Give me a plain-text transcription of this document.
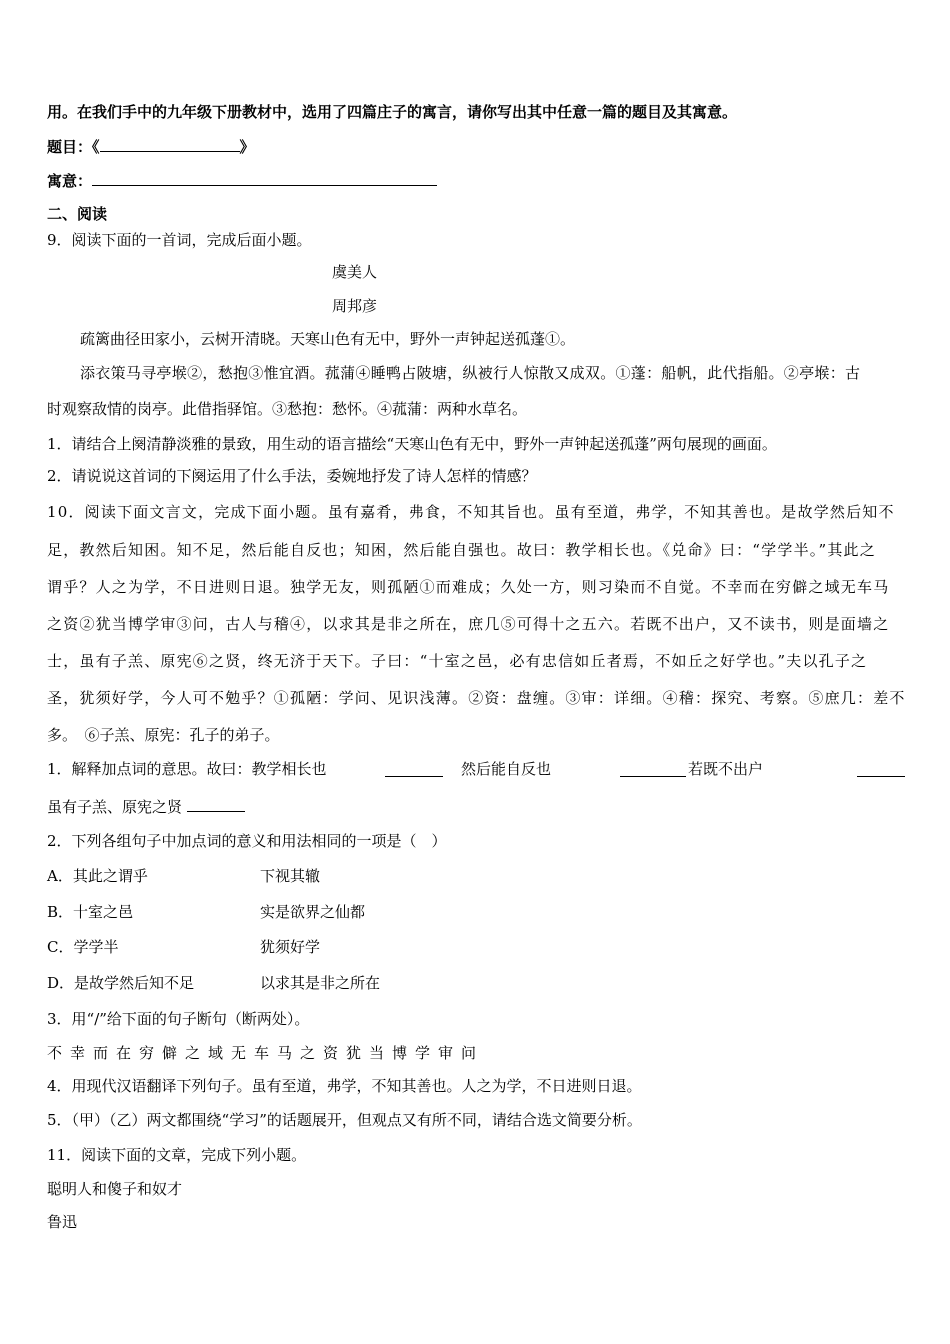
用。在我们手中的九年级下册教材中，选用了四篇庄子的寓言，请你写出其中任意一篇的题目及其寓意。
题目：《	》
寓意：
二、阅读
9．阅读下面的一首词，完成后面小题。
虞美人
周邦彦
疏篱曲径田家小，云树开清晓。天寒山色有无中，野外一声钟起送孤蓬①。
添衣策马寻亭堠②，愁抱③惟宜酒。菰蒲④睡鸭占陂塘，纵被行人惊散又成双。①蓬：船帆，此代指船。②亭堠：古
时观察敌情的岗亭。此借指驿馆。③愁抱：愁怀。④菰蒲：两种水草名。
1．请结合上阕清静淡雅的景致，用生动的语言描绘“天寒山色有无中，野外一声钟起送孤蓬”两句展现的画面。
2．请说说这首词的下阕运用了什么手法，委婉地抒发了诗人怎样的情感？
10．阅读下面文言文，完成下面小题。虽有嘉肴，弗食，不知其旨也。虽有至道，弗学，不知其善也。是故学然后知不
足，教然后知困。知不足，然后能自反也；知困，然后能自强也。故曰：教学相长也。《兑命》曰：“学学半。”其此之
谓乎？人之为学，不日进则日退。独学无友，则孤陋①而难成；久处一方，则习染而不自觉。不幸而在穷僻之域无车马
之资②犹当博学审③问，古人与稽④，以求其是非之所在，庶几⑤可得十之五六。若既不出户，又不读书，则是面墙之
士，虽有子羔、原宪⑥之贤，终无济于天下。子曰：“十室之邑，必有忠信如丘者焉，不如丘之好学也。”夫以孔子之
圣，犹须好学，今人可不勉乎？①孤陋：学问、见识浅薄。②资：盘缠。③审：详细。④稽：探究、考察。⑤庶几：差不
多。　⑥子羔、原宪：孔子的弟子。
1．解释加点词的意思。故曰：教学相长也	然后能自反也	若既不出户
虽有子羔、原宪之贤
2．下列各组句子中加点词的意义和用法相同的一项是（　）
A．其此之谓乎	下视其辙
B．十室之邑	实是欲界之仙都
C．学学半	犹须好学
D．是故学然后知不足	以求其是非之所在
3．用“/”给下面的句子断句（断两处）。
不幸而在穷僻之域无车马之资犹当博学审问
4．用现代汉语翻译下列句子。虽有至道，弗学，不知其善也。人之为学，不日进则日退。
5．（甲）（乙）两文都围绕“学习”的话题展开，但观点又有所不同，请结合选文简要分析。
11．阅读下面的文章，完成下列小题。
聪明人和傻子和奴才
鲁迅
